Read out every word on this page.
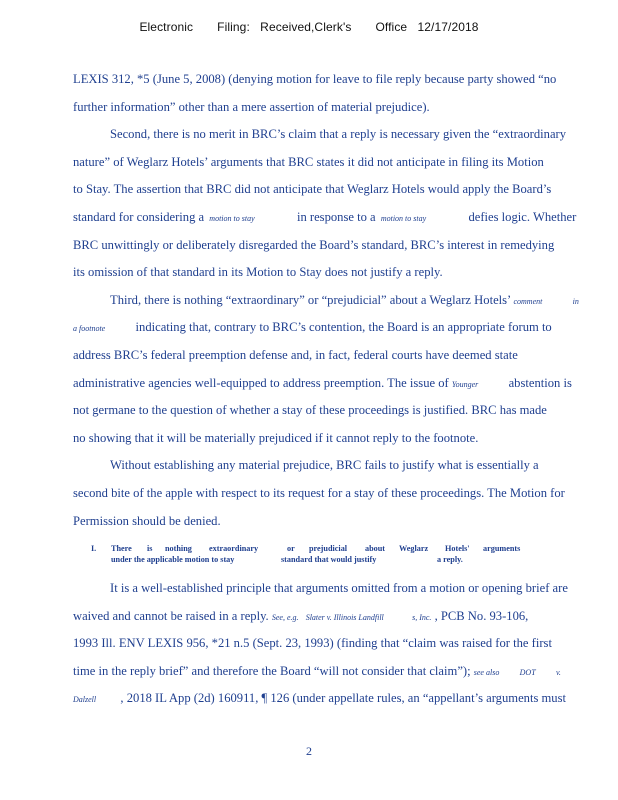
Electronic       Filing:   Received,Clerk's       Office   12/17/2018
LEXIS 312, *5 (June 5, 2008) (denying motion for leave to file reply because party showed “no
further information” other than a mere assertion of material prejudice).
Second, there is no merit in BRC’s claim that a reply is necessary given the “extraordinary
nature” of Weglarz Hotels’ arguments that BRC states it did not anticipate in filing its Motion
to Stay. The assertion that BRC did not anticipate that Weglarz Hotels would apply the Board’s
standard for considering a motion to stay	in response to a motion to stay	defies logic. Whether
BRC unwittingly or deliberately disregarded the Board’s standard, BRC’s interest in remedying
its omission of that standard in its Motion to Stay does not justify a reply.
Third, there is nothing “extraordinary” or “prejudicial” about a Weglarz Hotels’ comment	in
a footnote indicating that, contrary to BRC’s contention, the Board is an appropriate forum to
address BRC’s federal preemption defense and, in fact, federal courts have deemed state
administrative agencies well-equipped to address preemption. The issue of Younger abstention is
not germane to the question of whether a stay of these proceedings is justified. BRC has made
no showing that it will be materially prejudiced if it cannot reply to the footnote.
Without establishing any material prejudice, BRC fails to justify what is essentially a
second bite of the apple with respect to its request for a stay of these proceedings. The Motion for
Permission should be denied.
I.	There	is	nothing	extraordinary	or	prejudicial	about	Weglarz	Hotels'	arguments
under the applicable motion to stay	standard that would justify	a reply.
It is a well-established principle that arguments omitted from a motion or opening brief are
waived and cannot be raised in a reply. See, e.g. Slater v. Illinois Landfill	s, Inc. , PCB No. 93-106,
1993 Ill. ENV LEXIS 956, *21 n.5 (Sept. 23, 1993) (finding that “claim was raised for the first
time in the reply brief” and therefore the Board “will not consider that claim”); see also	DOT	v.
Dalzell , 2018 IL App (2d) 160911, ¶ 126 (under appellate rules, an “appellant’s arguments must
2
